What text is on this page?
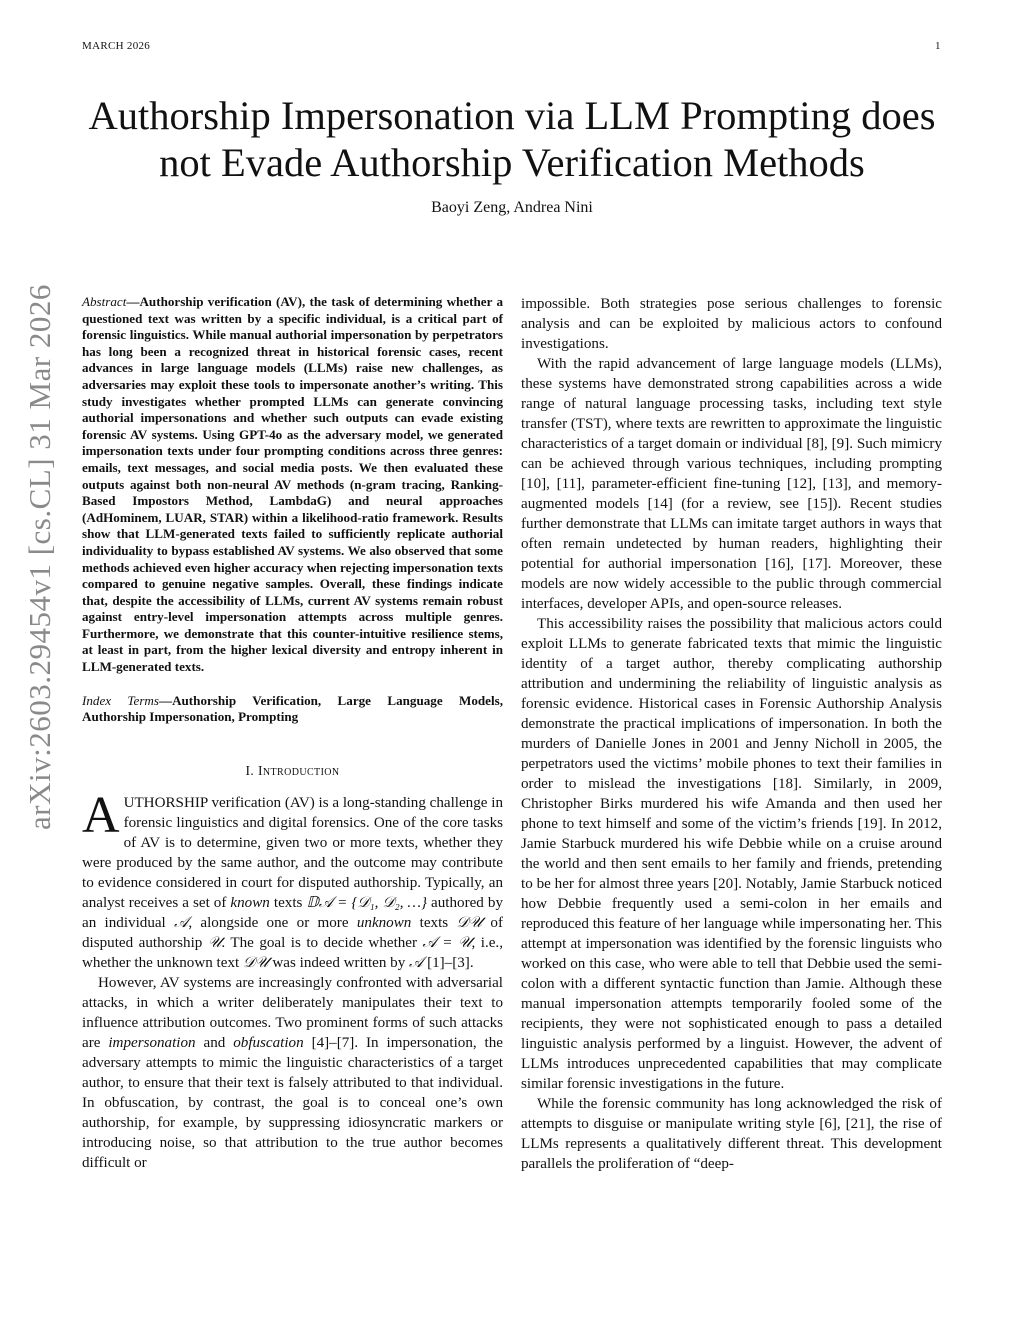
MARCH 2026	1
Authorship Impersonation via LLM Prompting does
not Evade Authorship Verification Methods
Baoyi Zeng, Andrea Nini
arXiv:2603.29454v1 [cs.CL] 31 Mar 2026 Abstract—Authorship verification (AV), the task of determining whether a questioned text was written by a specific individual, is a critical part of forensic linguistics. While manual authorial impersonation by perpetrators has long been a recognized threat in historical forensic cases, recent advances in large language models (LLMs) raise new challenges, as adversaries may exploit these tools to impersonate another’s writing. This study investigates whether prompted LLMs can generate convincing authorial impersonations and whether such outputs can evade existing forensic AV systems. Using GPT-4o as the adversary model, we generated impersonation texts under four prompting conditions across three genres: emails, text messages, and social media posts. We then evaluated these outputs against both non-neural AV methods (n-gram tracing, Ranking-Based Impostors Method, LambdaG) and neural approaches (AdHominem, LUAR, STAR) within a likelihood-ratio framework. Results show that LLM-generated texts failed to sufficiently replicate authorial individuality to bypass established AV systems. We also observed that some methods achieved even higher accuracy when rejecting impersonation texts compared to genuine negative samples. Overall, these findings indicate that, despite the accessibility of LLMs, current AV systems remain robust against entry-level impersonation attempts across multiple genres. Furthermore, we demonstrate that this counter-intuitive resilience stems, at least in part, from the higher lexical diversity and entropy inherent in LLM-generated texts.

Index Terms—Authorship Verification, Large Language Models, Authorship Impersonation, Prompting

I. Introduction

AUTHORSHIP verification (AV) is a long-standing challenge in forensic linguistics and digital forensics. One of the core tasks of AV is to determine, given two or more texts, whether they were produced by the same author, and the outcome may contribute to evidence considered in court for disputed authorship. Typically, an analyst receives a set of known texts 𝔻𝒜 = {𝒟₁, 𝒟₂, …} authored by an individual 𝒜, alongside one or more unknown texts 𝒟𝒰 of disputed authorship 𝒰. The goal is to decide whether 𝒜 = 𝒰, i.e., whether the unknown text 𝒟𝒰 was indeed written by 𝒜 [1]–[3].

However, AV systems are increasingly confronted with adversarial attacks, in which a writer deliberately manipulates their text to influence attribution outcomes. Two prominent forms of such attacks are impersonation and obfuscation [4]–[7]. In impersonation, the adversary attempts to mimic the linguistic characteristics of a target author, to ensure that their text is falsely attributed to that individual. In obfuscation, by contrast, the goal is to conceal one’s own authorship, for example, by suppressing idiosyncratic markers or introducing noise, so that attribution to the true author becomes difficult or

impossible. Both strategies pose serious challenges to forensic analysis and can be exploited by malicious actors to confound investigations.

With the rapid advancement of large language models (LLMs), these systems have demonstrated strong capabilities across a wide range of natural language processing tasks, including text style transfer (TST), where texts are rewritten to approximate the linguistic characteristics of a target domain or individual [8], [9]. Such mimicry can be achieved through various techniques, including prompting [10], [11], parameter-efficient fine-tuning [12], [13], and memory-augmented models [14] (for a review, see [15]). Recent studies further demonstrate that LLMs can imitate target authors in ways that often remain undetected by human readers, highlighting their potential for authorial impersonation [16], [17]. Moreover, these models are now widely accessible to the public through commercial interfaces, developer APIs, and open-source releases.

This accessibility raises the possibility that malicious actors could exploit LLMs to generate fabricated texts that mimic the linguistic identity of a target author, thereby complicating authorship attribution and undermining the reliability of linguistic analysis as forensic evidence. Historical cases in Forensic Authorship Analysis demonstrate the practical implications of impersonation. In both the murders of Danielle Jones in 2001 and Jenny Nicholl in 2005, the perpetrators used the victims’ mobile phones to text their families in order to mislead the investigations [18]. Similarly, in 2009, Christopher Birks murdered his wife Amanda and then used her phone to text himself and some of the victim’s friends [19]. In 2012, Jamie Starbuck murdered his wife Debbie while on a cruise around the world and then sent emails to her family and friends, pretending to be her for almost three years [20]. Notably, Jamie Starbuck noticed how Debbie frequently used a semi-colon in her emails and reproduced this feature of her language while impersonating her. This attempt at impersonation was identified by the forensic linguists who worked on this case, who were able to tell that Debbie used the semi-colon with a different syntactic function than Jamie. Although these manual impersonation attempts temporarily fooled some of the recipients, they were not sophisticated enough to pass a detailed linguistic analysis performed by a linguist. However, the advent of LLMs introduces unprecedented capabilities that may complicate similar forensic investigations in the future.

While the forensic community has long acknowledged the risk of attempts to disguise or manipulate writing style [6], [21], the rise of LLMs represents a qualitatively different threat. This development parallels the proliferation of “deep-
